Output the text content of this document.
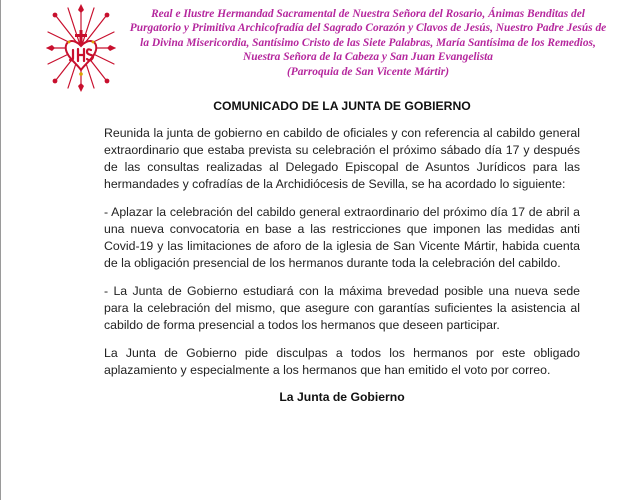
Real e Ilustre Hermandad Sacramental de Nuestra Señora del Rosario, Ánimas Benditas del Purgatorio y Primitiva Archicofradía del Sagrado Corazón y Clavos de Jesús, Nuestro Padre Jesús de la Divina Misericordia, Santísimo Cristo de las Siete Palabras, María Santísima de los Remedios, Nuestra Señora de la Cabeza y San Juan Evangelista

(Parroquia de San Vicente Mártir)

COMUNICADO DE LA JUNTA DE GOBIERNO

Reunida la junta de gobierno en cabildo de oficiales y con referencia al cabildo general extraordinario que estaba prevista su celebración el próximo sábado día 17 y después de las consultas realizadas al Delegado Episcopal de Asuntos Jurídicos para las hermandades y cofradías de la Archidiócesis de Sevilla, se ha acordado lo siguiente:

- Aplazar la celebración del cabildo general extraordinario del próximo día 17 de abril a una nueva convocatoria en base a las restricciones que imponen las medidas anti Covid-19 y las limitaciones de aforo de la iglesia de San Vicente Mártir, habida cuenta de la obligación presencial de los hermanos durante toda la celebración del cabildo.

- La Junta de Gobierno estudiará con la máxima brevedad posible una nueva sede para la celebración del mismo, que asegure con garantías suficientes la asistencia al cabildo de forma presencial a todos los hermanos que deseen participar.

La Junta de Gobierno pide disculpas a todos los hermanos por este obligado aplazamiento y especialmente a los hermanos que han emitido el voto por correo.

La Junta de Gobierno
